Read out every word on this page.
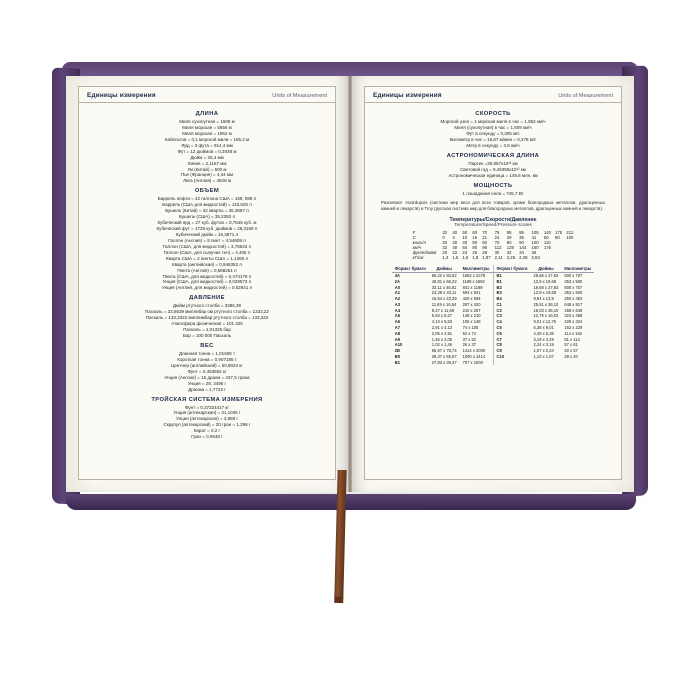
Единицы измерения	Units of Measurement
ДЛИНА
Миля сухопутная = 1609 м
Миля морская = 5556 м
Миля морская = 1852 м
Кабельтов = 0,1 морской мили = 185,2 м
Ярд = 3 фута = 914,4 мм
Фут = 12 дюймов = 0,3048 м
Дюйм = 25,4 мм
Линия = 2,1167 мм
Ли (Китай) = 500 м
Пье (Франция) = 4,44 мм
Лига (Англия) = 4828 м
ОБЪЕМ
Баррель нефти = 42 галлона США = 158, 988 л
Баррель (США для жидкостей) = 115,628 л
Бушель (Китай) = 32 кварты = 36,3687 л
Бушель (США) = 35,2393 л
Кубический ярд = 27 куб. футов = 0,7645 куб. м
Кубический фут = 1728 куб. дюймов = 28,3169 л
Кубический дюйм = 16,3871 л
Галлон (Англия) = 8 пинт = 4,54609 л
Галлон (США, для жидкостей) = 3,78543 л
Галлон (США, для сыпучих тел) = 4,405 л
Кварта США = 2 пинты США = 1,1365 л
Кварта (английская) = 0,946353 л
Пинта (Англия) = 0,568261 л
Пинта (США, для жидкостей) = 0,473179 л
Унция (США, для жидкостей) = 0,029573 л
Унция (Англия, для жидкостей) = 0,02841 л
ДАВЛЕНИЕ
Дюйм ртутного столба = 3386,39
Паскаль = 33,8639 миллибар ом ртутного столба = 1333,22
Паскаль = 133,3322 миллимбар ртутного столба = 133,322
Атмосфера физическая = 101 325
Паскаль = 1,01325 бар
Бар = 100 000 Паскаль
ВЕС
Длинная тонна = 1,01605 т
Короткая тонна = 0,907185 т
Центнер (английский) = 50,8023 кг
Фунт = 0,453592 кг
Унция (Англия) = 16 драхм = 437,5 грана
Унция = 28, 3495 г
Драхма = 1,7722 г
ТРОЙСКАЯ СИСТЕМА ИЗМЕРЕНИЯ
Фунт = 0,37324417 кг
Унция (аптекарская) = 31,1035 г
Унция (аптекарская) = 3,888 г
Скрупул (аптекарский) = 20 гран = 1,296 г
Карат = 0,2 г
Гран = 0,0648 г
Единицы измерения	Units of Measurement
СКОРОСТЬ
Морской узел = 1 морская миля в час = 1,852 км/ч
Миля (сухопутная) в час = 1,609 км/ч
Фут в секунду = 0,305 м/с
Километр в час = 16,67 м/мин = 0,278 м/с
Метр в секунду = 3,6 км/ч
АСТРОНОМИЧЕСКАЯ ДЛИНА
Парсек =30,857х10¹² км
Световой год = 9,46355х10¹² км
Астрономическая единица = 149,6 млн. км
МОЩНОСТЬ
1 лошадиная сила = 745,7 Вт
Различают Avoirdupois (система мер веса для всех товаров, кроме благородных металлов, драгоценных камней и лекарств) и Troy (русская система мер для благородных металлов, драгоценных камней и лекарств).
Температуры/Скорости/Давление
Temperature/Speed/Pressure scales
F	32	40	50	60	70	75	85	95	105	140	175	212
C	0	4	10	16	21	24	29	35	41	60	80	100
миль/ч	20	30	40	50	60	70	80	90	100	110		
км/ч	32	48	64	80	96	112	128	144	160	176		
фунт/дюйм	20	22	24	26	28	30	32	34	36			
кГ/см	1,4	1,5	1,6	1,8	1,97	2,11	2,25	2,39	2,53			
Формат бумаги	Дюймы	Миллиметры	Формат бумаги	Дюймы	Миллиметры
4A	66,22 х 93,62	1682 х 2378	B1	28,66 х 27,83	500 х 707
2A	46,81 х 66,22	1189 х 1682	B1	13,9 х 19,68	353 х 500
A0	33,11 х 46,81	841 х 1189	B2	19,68 х 27,83	500 х 707
A1	23,39 х 33,11	594 х 841	B3	13,9 х 19,68	353 х 500
A2	16,54 х 23,39	420 х 594	B4	9,84 х 13,9	250 х 353
A3	11,69 х 16,54	297 х 420	C1	25,51 х 36,10	648 х 917
A4	8,27 х 11,69	210 х 297	C2	18,03 х 36,10	458 х 648
A5	5,83 х 8,27	148 х 210	C3	12,76 х 18,03	324 х 458
A6	4,13 х 5,83	105 х 148	C4	9,01 х 12,76	229 х 324
A7	2,91 х 4,13	74 х 105	C5	6,38 х 9,01	162 х 229
A8	2,05 х 2,91	52 х 74	C6	4,49 х 6,38	114 х 162
A9	1,46 х 2,05	37 х 52	C7	3,19 х 4,49	81 х 114
A10	1,02 х 1,46	26 х 37	C8	2,24 х 3,19	57 х 81
2B	55,67 х 78,74	1414 х 2000	C9	1,57 х 2,24	40 х 57
B0	39,37 х 55,67	1000 х 1414	C10	1,10 х 1,57	28 х 40
B1	27,83 х 39,37	707 х 1000			
